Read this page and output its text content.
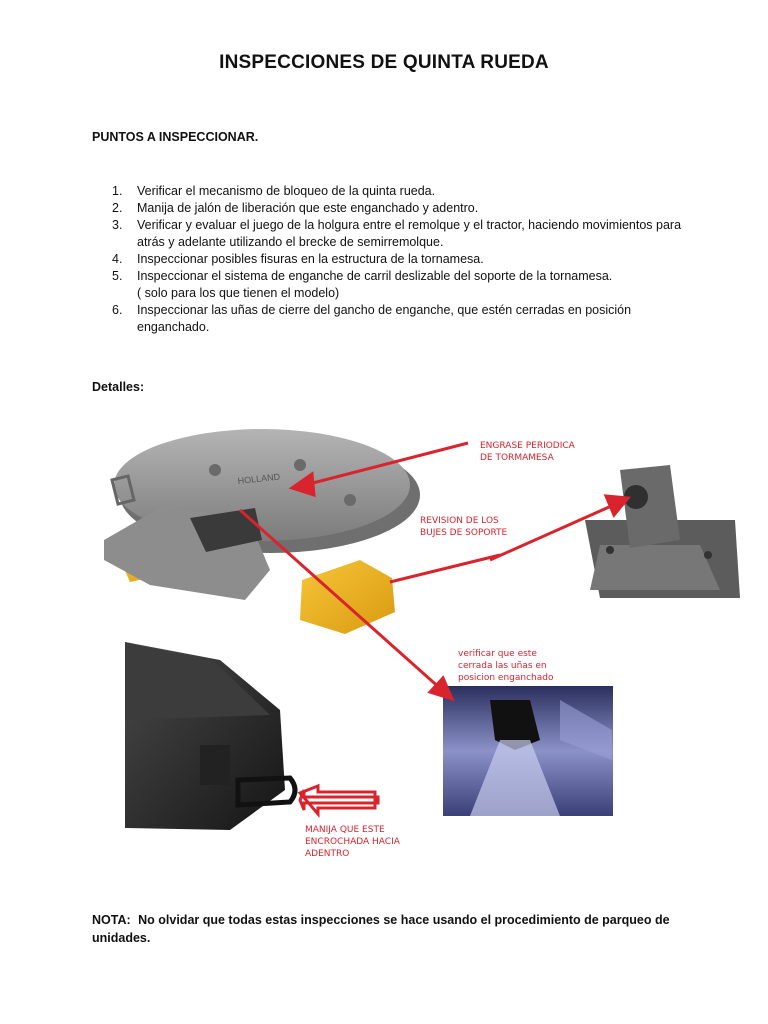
INSPECCIONES DE QUINTA RUEDA
PUNTOS A INSPECCIONAR.
1. Verificar el mecanismo de bloqueo de la quinta rueda.
2. Manija de jalón de liberación que este enganchado y adentro.
3. Verificar y evaluar el juego de la holgura entre el remolque y el tractor, haciendo movimientos para atrás y adelante utilizando el brecke de semirremolque.
4. Inspeccionar posibles fisuras en la estructura de la tornamesa.
5. Inspeccionar el sistema de enganche de carril deslizable del soporte de la tornamesa.
( solo para los que tienen el modelo)
6. Inspeccionar las uñas de cierre del gancho de enganche, que estén cerradas en posición enganchado.
Detalles:
HOLLAND
ENGRASE PERIODICA
DE TORMAMESA
REVISION DE LOS
BUJES DE SOPORTE
verificar que este
cerrada las uñas en
posicion enganchado
MANIJA QUE ESTE
ENCROCHADA HACIA
ADENTRO
NOTA: No olvidar que todas estas inspecciones se hace usando el procedimiento de parqueo de unidades.
